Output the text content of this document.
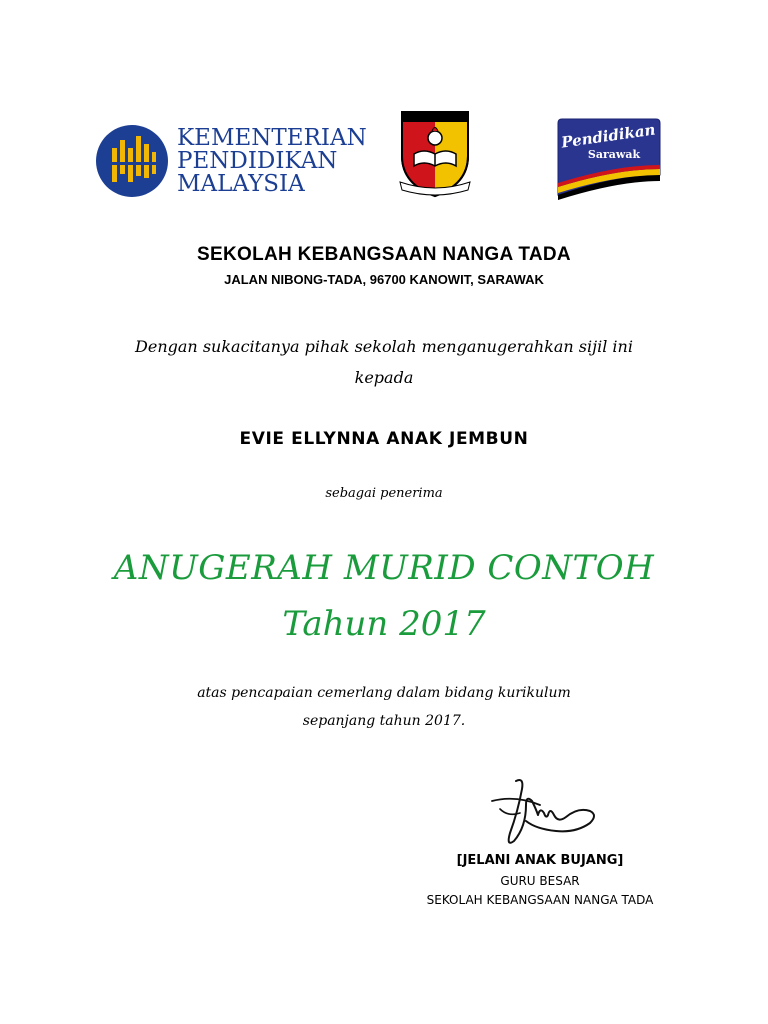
KEMENTERIAN
PENDIDIKAN
MALAYSIA
Pendidikan
Sarawak
SEKOLAH KEBANGSAAN NANGA TADA
JALAN NIBONG-TADA, 96700 KANOWIT, SARAWAK
Dengan sukacitanya pihak sekolah menganugerahkan sijil ini
kepada
EVIE ELLYNNA ANAK JEMBUN
sebagai penerima
ANUGERAH MURID CONTOH
Tahun 2017
atas pencapaian cemerlang dalam bidang kurikulum
sepanjang tahun 2017.
[JELANI ANAK BUJANG]
GURU BESAR
SEKOLAH KEBANGSAAN NANGA TADA
